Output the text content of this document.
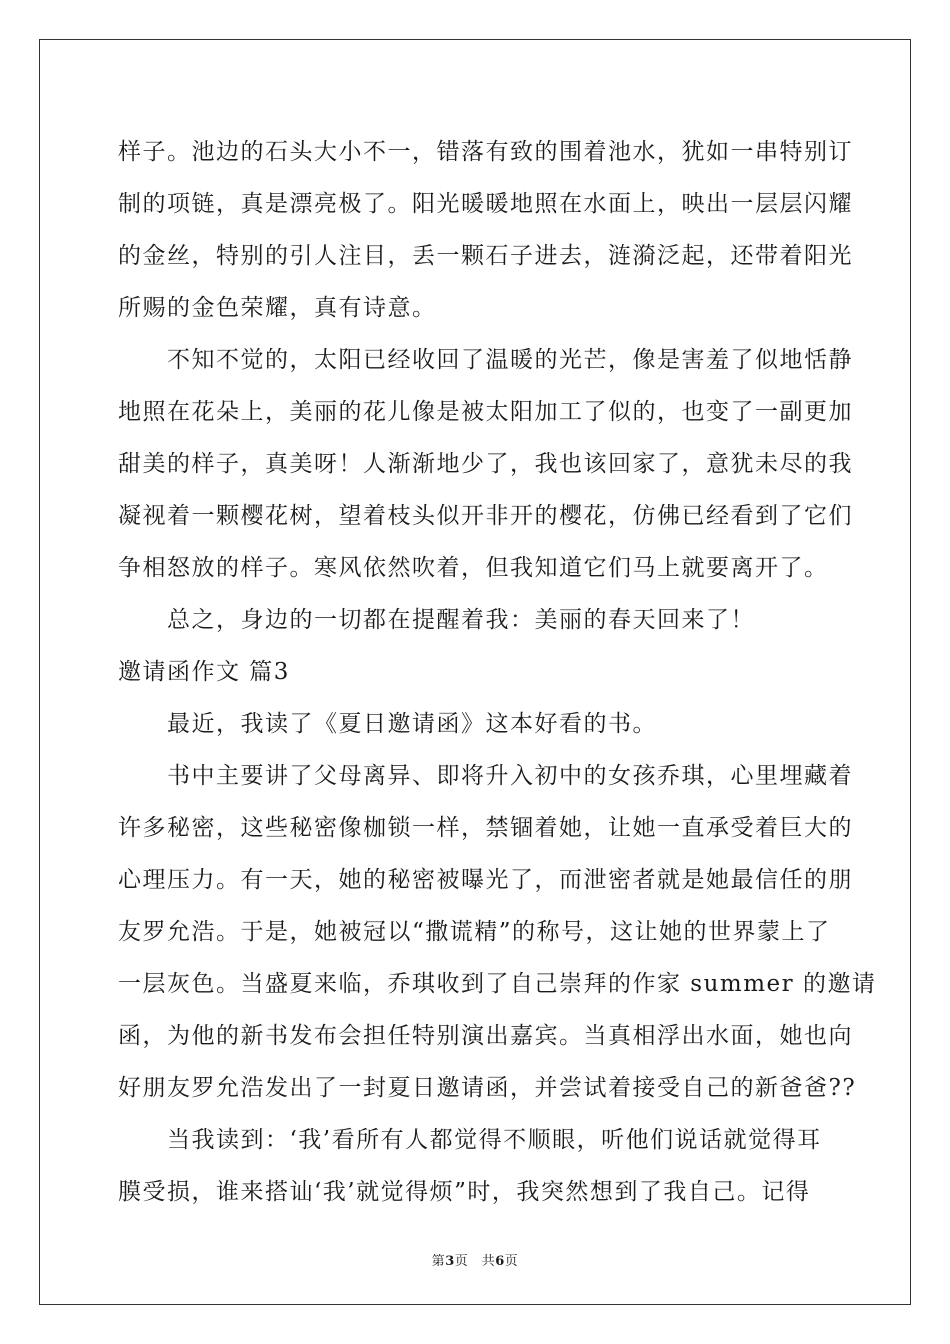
样子。池边的石头大小不一，错落有致的围着池水，犹如一串特别订
制的项链，真是漂亮极了。阳光暖暖地照在水面上，映出一层层闪耀
的金丝，特别的引人注目，丢一颗石子进去，涟漪泛起，还带着阳光
所赐的金色荣耀，真有诗意。
　　不知不觉的，太阳已经收回了温暖的光芒，像是害羞了似地恬静
地照在花朵上，美丽的花儿像是被太阳加工了似的，也变了一副更加
甜美的样子，真美呀！人渐渐地少了，我也该回家了，意犹未尽的我
凝视着一颗樱花树，望着枝头似开非开的樱花，仿佛已经看到了它们
争相怒放的样子。寒风依然吹着，但我知道它们马上就要离开了。
　　总之，身边的一切都在提醒着我：美丽的春天回来了！
邀请函作文 篇3
　　最近，我读了《夏日邀请函》这本好看的书。
　　书中主要讲了父母离异、即将升入初中的女孩乔琪，心里埋藏着
许多秘密，这些秘密像枷锁一样，禁锢着她，让她一直承受着巨大的
心理压力。有一天，她的秘密被曝光了，而泄密者就是她最信任的朋
友罗允浩。于是，她被冠以“撒谎精”的称号，这让她的世界蒙上了
一层灰色。当盛夏来临，乔琪收到了自己崇拜的作家 summer 的邀请
函，为他的新书发布会担任特别演出嘉宾。当真相浮出水面，她也向
好朋友罗允浩发出了一封夏日邀请函，并尝试着接受自己的新爸爸??
　　当我读到：‘我’看所有人都觉得不顺眼，听他们说话就觉得耳
膜受损，谁来搭讪‘我’就觉得烦”时，我突然想到了我自己。记得
第3页　共6页
